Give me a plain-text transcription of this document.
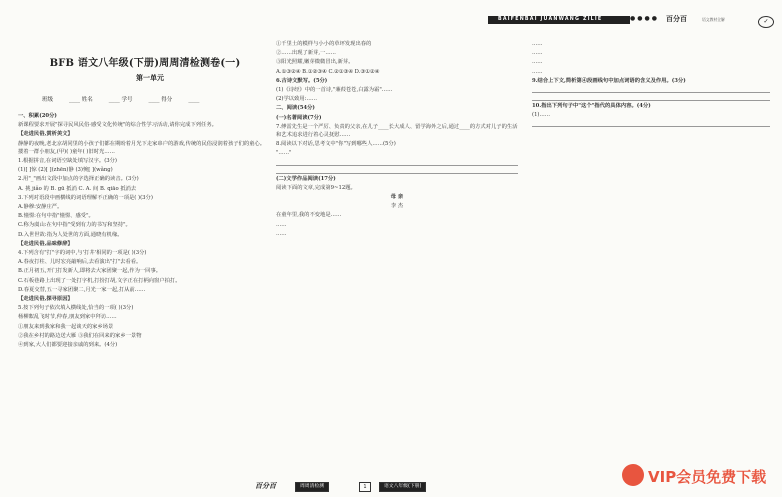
BAIFENBAI JUANWANG ZILIE	●●●● 百分百	语文教材全解	✓
BFB 语文八年级(下册)周周清检测卷(一)
第一单元
班级	____ 姓名	____ 学号	____ 得分	____

一、积累(20分)

新课程要求开展"探寻民风民俗·感受文化传统"的综合性学习活动,请你完成下列任务。

【走进民俗,赏析美文】

静静的夜晚,老北京胡同里的小孩子们都在期盼着月光下走家串户的游戏,传统的民俗浸润着孩子们的童心。搂着一群小朋友,(甲)( )童年( )旧时光……

1.根据拼音,在词语空缺处填写汉字。(3分)

(1)[ ]惊 (2)[ ](zhēn)静 (3)惋[ ](wǎnɡ)

2.用"_"画出文段中加点的字选择正确的读音。(3分)

A. 挑 jiǎo 的 B. gū 抵消 C. A. 间 B. qiāo 抵消去

3.下列对语段中画横线的词语理解不正确的一项是( )(3分)

A.静穆:安静庄严。

B.憧憬:在句中指"憧憬、感受"。

C.称为虞山:在句中指"受到有力的书写和坚持"。

D.入世世故:指为人处世的方面,通晓有机缘。

【走进民俗,品味修辞】

4.下列含有"打"字的词中,与'打井'相同的一项是( )(3分)

A.春夜打柱、儿时宏亮敲响后,去看演出"打"去看看。

B.正月初五,开门打发新人,即将去大家团聚一起,作为一回事。

C.石板巷路上出现了一处打字机,打扮打胡,文字正在打柄向窗户拍打。

D.春夏交替,五一寻家团聚二,月光一家一起,打从前……

【走进民俗,探寻原因】

5.按下列句子依次填入横线处,恰当的一项( )(3分)

杨柳絮乱飞时节,仲春,朋友到家中拜访……

①朋友来到我家和我一起谈天的家乡场景

②我在乡村的路边送大雁 ③我们在回来的家乡一景物

④到家,大人们都要迎接亲戚的到来。(4分)

①千里土的模样与小小的草坪发现出春的

②……出现了新芽,一……

③阳光照耀,嫩芽微微冒出,新芽。

A.①③②④ B.①②③④ C.②①③④ D.③①②④

6.古诗文默写。(5分)

(1)《诗经》中的一首诗,"蒹葭苍苍,白露为霜"……

(2)学以致用:……

二、阅读(54分)

(一)名著阅读(7分)

7.傅雷先生是一个严厉、负责的父亲,在儿子____长大成人、留学海外之后,通过____的方式对儿子的生活和艺术追求进行着心灵抚慰……

8.阅读以下对话,思考文中"你"写到哪些人……(5分)

"……"

(二)文学作品阅读(17分)

阅读下面的文章,完成第9~12题。

母 亲

李 杰

在童年里,我的不变地是……

……

……

……

……

……

……

9.结合上下文,简析第④段画线句中加点词语的含义及作用。(3分)

10.指出下列句子中"这个"指代的具体内容。(4分)

(1)……

百分百	周周清检测	1	语文八年级(下册)
VIP会员免费下载
